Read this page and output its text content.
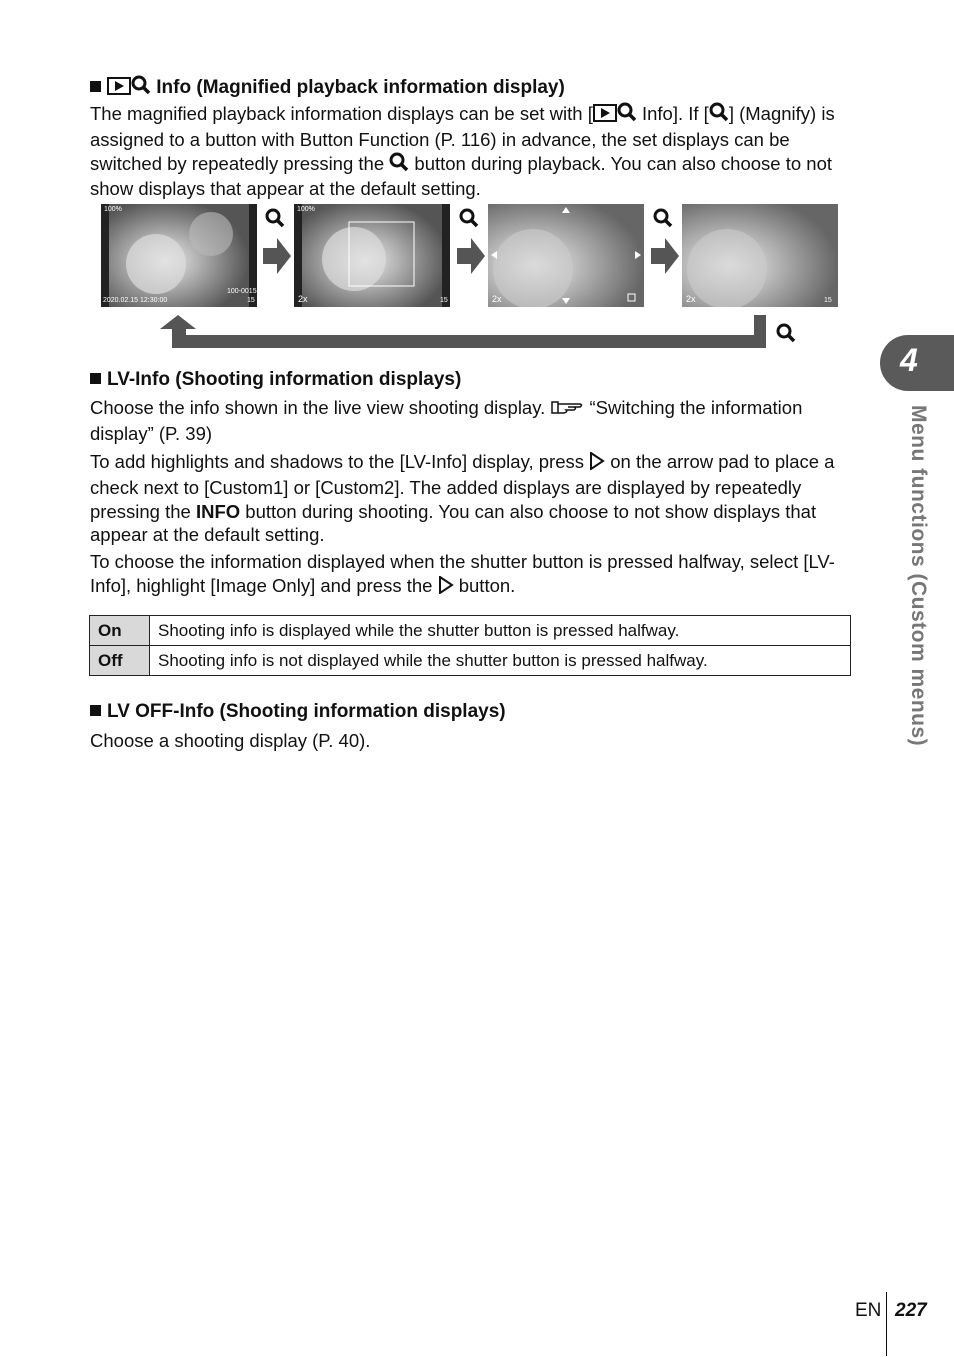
Info (Magnified playback information display)
The magnified playback information displays can be set with [ Info]. If [ ] (Magnify) is assigned to a button with Button Function (P. 116) in advance, the set displays can be switched by repeatedly pressing the  button during playback. You can also choose to not show displays that appear at the default setting.
100%
100-0015
2020.02.15 12:30:00	15
100%
2x	15	2x	2x	15
LV-Info (Shooting information displays)
Choose the info shown in the live view shooting display.  “Switching the information display” (P. 39)
To add highlights and shadows to the [LV-Info] display, press  on the arrow pad to place a check next to [Custom1] or [Custom2]. The added displays are displayed by repeatedly pressing the INFO button during shooting. You can also choose to not show displays that appear at the default setting.
To choose the information displayed when the shutter button is pressed halfway, select [LV-Info], highlight [Image Only] and press the  button.
On	Shooting info is displayed while the shutter button is pressed halfway.
Off	Shooting info is not displayed while the shutter button is pressed halfway.
LV OFF-Info (Shooting information displays)
Choose a shooting display (P. 40).
4
Menu functions (Custom menus)
EN 227
